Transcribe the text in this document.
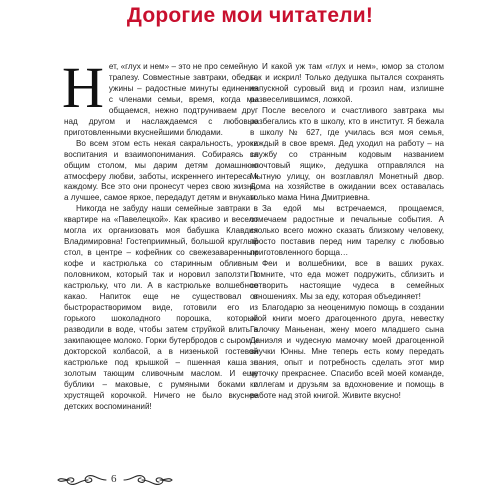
Дорогие мои читатели!

Нет, «глух и нем» – это не про семейную трапезу. Совместные завтраки, обеды, ужины – радостные минуты единения с членами семьи, время, когда мы общаемся, нежно подтруниваем друг над другом и наслаждаемся с любовью приготовленными вкуснейшими блюдами.

Во всем этом есть некая сакральность, уроки воспитания и взаимопонимания. Собираясь за общим столом, мы дарим детям домашнюю атмосферу любви, заботы, искреннего интереса к каждому. Все это они пронесут через свою жизнь, а лучшее, самое яркое, передадут детям и внукам.

Никогда не забуду наши семейные завтраки в квартире на «Павелецкой». Как красиво и весело могла их организовать моя бабушка Клавдия Владимировна! Гостеприимный, большой круглый стол, в центре – кофейник со свежезаваренным кофе и кастрюлька со старинным обливным половником, который так и норовил заползти в кастрюльку, что ли. А в кастрюльке волшебное какао. Напиток еще не существовал в быстрорастворимом виде, готовили его из горького шоколадного порошка, который разводили в воде, чтобы затем струйкой влить в закипающее молоко. Горки бутербродов с сыром и докторской колбасой, а в низенькой гостевой кастрюльке под крышкой – пшенная каша с золотым тающим сливочным маслом. И еще бублики – маковые, с румяными боками и хрустящей корочкой. Ничего не было вкуснее детских воспоминаний!

И какой уж там «глух и нем», юмор за столом так и искрил! Только дедушка пытался сохранять напускной суровый вид и грозил нам, излишне развеселившимся, ложкой.

После веселого и счастливого завтрака мы разбегались кто в школу, кто в институт. Я бежала в школу № 627, где училась вся моя семья, каждый в свое время. Дед уходил на работу – на службу со странным кодовым названием «почтовый ящик», дедушка отправлялся на Мытную улицу, он возглавлял Монетный двор. Дома на хозяйстве в ожидании всех оставалась только мама Нина Дмитриевна.

За едой мы встречаемся, прощаемся, отмечаем радостные и печальные события. А сколько всего можно сказать близкому человеку, просто поставив перед ним тарелку с любовью приготовленного борща…

Феи и волшебники, все в ваших руках. Помните, что еда может подружить, сблизить и сотворить настоящие чудеса в семейных отношениях. Мы за еду, которая объединяет!

Благодарю за неоценимую помощь в создании этой книги моего драгоценного друга, невестку Галочку Маньенан, жену моего младшего сына Даниэля и чудесную мамочку моей драгоценной внучки Юнны. Мне теперь есть кому передать знания, опыт и потребность сделать этот мир чуточку прекраснее. Спасибо всей моей команде, коллегам и друзьям за вдохновение и помощь в работе над этой книгой. Живите вкусно!

6
